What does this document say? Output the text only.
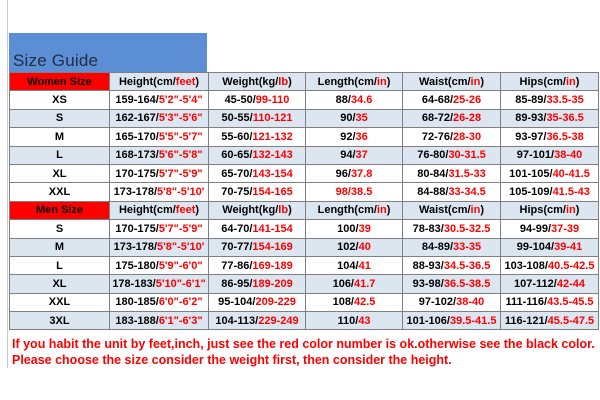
Size Guide
Women Size	Height(cm/feet)	Weight(kg/lb)	Length(cm/in)	Waist(cm/in)	Hips(cm/in)
XS	159-164/5'2"-5'4"	45-50/99-110	88/34.6	64-68/25-26	85-89/33.5-35
S	162-167/5'3"-5'6"	50-55/110-121	90/35	68-72/26-28	89-93/35-36.5
M	165-170/5'5"-5'7"	55-60/121-132	92/36	72-76/28-30	93-97/36.5-38
L	168-173/5'6"-5'8"	60-65/132-143	94/37	76-80/30-31.5	97-101/38-40
XL	170-175/5'7"-5'9"	65-70/143-154	96/37.8	80-84/31.5-33	101-105/40-41.5
XXL	173-178/5'8"-5'10'	70-75/154-165	98/38.5	84-88/33-34.5	105-109/41.5-43
Men Size	Height(cm/feet)	Weight(kg/lb)	Length(cm/in)	Waist(cm/in)	Hips(cm/in)
S	170-175/5'7"-5'9"	64-70/141-154	100/39	78-83/30.5-32.5	94-99/37-39
M	173-178/5'8"-5'10'	70-77/154-169	102/40	84-89/33-35	99-104/39-41
L	175-180/5'9"-6'0"	77-86/169-189	104/41	88-93/34.5-36.5	103-108/40.5-42.5
XL	178-183/5'10"-6'1"	86-95/189-209	106/41.7	93-98/36.5-38.5	107-112/42-44
XXL	180-185/6'0"-6'2"	95-104/209-229	108/42.5	97-102/38-40	111-116/43.5-45.5
3XL	183-188/6'1"-6'3"	104-113/229-249	110/43	101-106/39.5-41.5	116-121/45.5-47.5
If you habit the unit by feet,inch, just see the red color number is ok.otherwise see the black color.
Please choose the size consider the weight first, then consider the height.
